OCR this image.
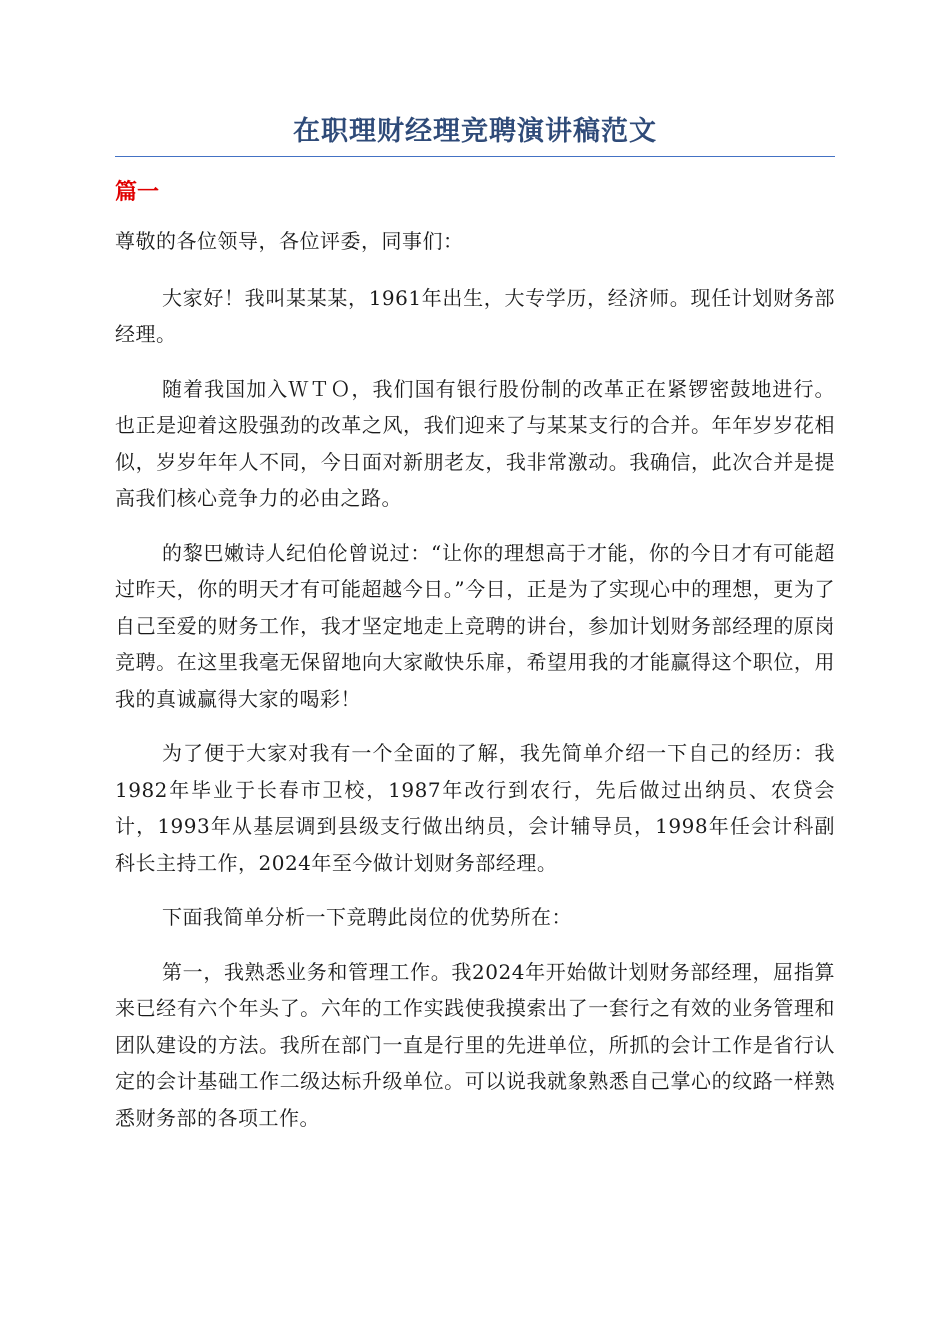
在职理财经理竞聘演讲稿范文
篇一

尊敬的各位领导，各位评委，同事们：

大家好！我叫某某某，1961年出生，大专学历，经济师。现任计划财务部经理。

随着我国加入ＷＴＯ，我们国有银行股份制的改革正在紧锣密鼓地进行。也正是迎着这股强劲的改革之风，我们迎来了与某某支行的合并。年年岁岁花相似，岁岁年年人不同，今日面对新朋老友，我非常激动。我确信，此次合并是提高我们核心竞争力的必由之路。

的黎巴嫩诗人纪伯伦曾说过：“让你的理想高于才能，你的今日才有可能超过昨天，你的明天才有可能超越今日。”今日，正是为了实现心中的理想，更为了自己至爱的财务工作，我才坚定地走上竞聘的讲台，参加计划财务部经理的原岗竞聘。在这里我毫无保留地向大家敞快乐扉，希望用我的才能赢得这个职位，用我的真诚赢得大家的喝彩！

为了便于大家对我有一个全面的了解，我先简单介绍一下自己的经历：我1982年毕业于长春市卫校，1987年改行到农行，先后做过出纳员、农贷会计，1993年从基层调到县级支行做出纳员，会计辅导员，1998年任会计科副科长主持工作，2024年至今做计划财务部经理。

下面我简单分析一下竞聘此岗位的优势所在：

第一，我熟悉业务和管理工作。我2024年开始做计划财务部经理，屈指算来已经有六个年头了。六年的工作实践使我摸索出了一套行之有效的业务管理和团队建设的方法。我所在部门一直是行里的先进单位，所抓的会计工作是省行认定的会计基础工作二级达标升级单位。可以说我就象熟悉自己掌心的纹路一样熟悉财务部的各项工作。
